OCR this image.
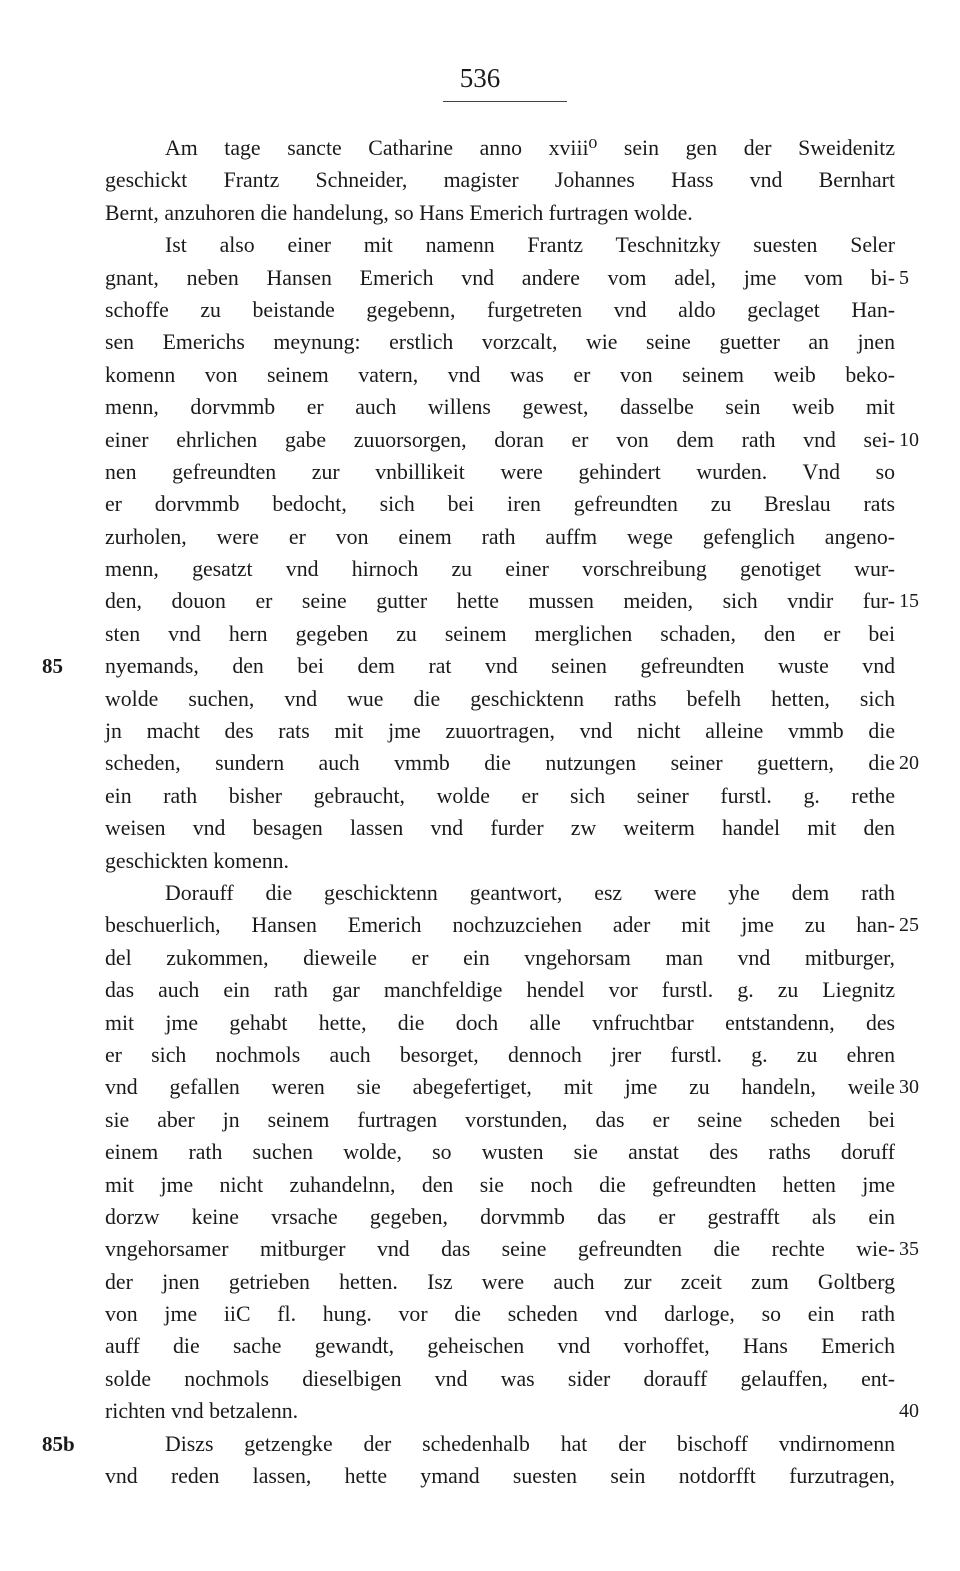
536
Am tage sancte Catharine anno xviii⁰ sein gen der Sweidenitz
geschickt Frantz Schneider, magister Johannes Hass vnd Bernhart
Bernt, anzuhoren die handelung, so Hans Emerich furtragen wolde.
Ist also einer mit namenn Frantz Teschnitzky suesten Seler
gnant, neben Hansen Emerich vnd andere vom adel, jme vom bi- 5
schoffe zu beistande gegebenn, furgetreten vnd aldo geclaget Han-
sen Emerichs meynung: erstlich vorzcalt, wie seine guetter an jnen
komenn von seinem vatern, vnd was er von seinem weib beko-
menn, dorvmmb er auch willens gewest, dasselbe sein weib mit
einer ehrlichen gabe zuuorsorgen, doran er von dem rath vnd sei- 10
nen gefreundten zur vnbillikeit were gehindert wurden. Vnd so
er dorvmmb bedocht, sich bei iren gefreundten zu Breslau rats
zurholen, were er von einem rath auffm wege gefenglich angeno-
menn, gesatzt vnd hirnoch zu einer vorschreibung genotiget wur-
den, douon er seine gutter hette mussen meiden, sich vndir fur- 15
sten vnd hern gegeben zu seinem merglichen schaden, den er bei
nyemands, den bei dem rat vnd seinen gefreundten wuste vnd
85
wolde suchen, vnd wue die geschicktenn raths befelh hetten, sich
jn macht des rats mit jme zuuortragen, vnd nicht alleine vmmb die
scheden, sundern auch vmmb die nutzungen seiner guettern, die 20
ein rath bisher gebraucht, wolde er sich seiner furstl. g. rethe
weisen vnd besagen lassen vnd furder zw weiterm handel mit den
geschickten komenn.
Dorauff die geschicktenn geantwort, esz were yhe dem rath
beschuerlich, Hansen Emerich nochzuzciehen ader mit jme zu han- 25
del zukommen, dieweile er ein vngehorsam man vnd mitburger,
das auch ein rath gar manchfeldige hendel vor furstl. g. zu Liegnitz
mit jme gehabt hette, die doch alle vnfruchtbar entstandenn, des
er sich nochmols auch besorget, dennoch jrer furstl. g. zu ehren
vnd gefallen weren sie abegefertiget, mit jme zu handeln, weile 30
sie aber jn seinem furtragen vorstunden, das er seine scheden bei
einem rath suchen wolde, so wusten sie anstat des raths doruff
mit jme nicht zuhandelnn, den sie noch die gefreundten hetten jme
dorzw keine vrsache gegeben, dorvmmb das er gestrafft als ein
vngehorsamer mitburger vnd das seine gefreundten die rechte wie- 35
der jnen getrieben hetten. Isz were auch zur zceit zum Goltberg
von jme iiC fl. hung. vor die scheden vnd darloge, so ein rath
auff die sache gewandt, geheischen vnd vorhoffet, Hans Emerich
solde nochmols dieselbigen vnd was sider dorauff gelauffen, ent-
richten vnd betzalenn.	40
Diszs getzengke der schedenhalb hat der bischoff vndirnomenn
85b
vnd reden lassen, hette ymand suesten sein notdorfft furzutragen,
